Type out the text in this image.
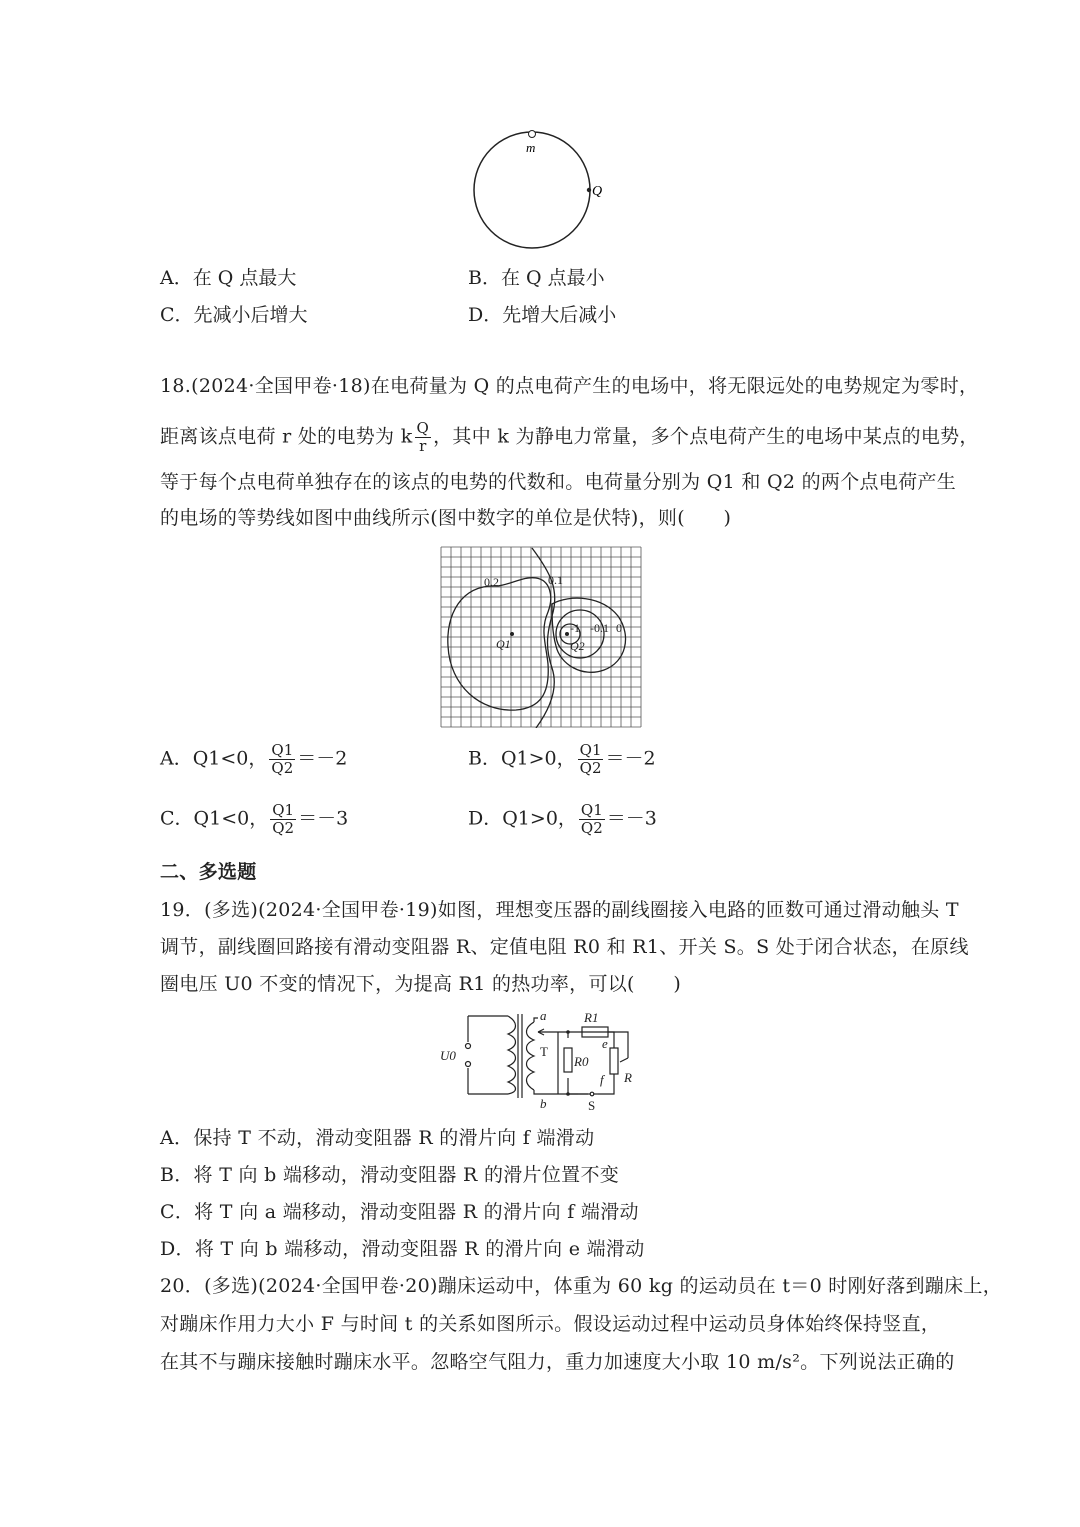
m
Q
A．在 Q 点最大	B．在 Q 点最小
C．先减小后增大	D．先增大后减小
18.(2024·全国甲卷·18)在电荷量为 Q 的点电荷产生的电场中，将无限远处的电势规定为零时，
距离该点电荷 r 处的电势为 k $\frac{Q}{r}$ ，其中 k 为静电力常量，多个点电荷产生的电场中某点的电势，
等于每个点电荷单独存在的该点的电势的代数和。电荷量分别为 Q1 和 Q2 的两个点电荷产生
的电场的等势线如图中曲线所示(图中数字的单位是伏特)，则(　　)
0.2	0.1
-1 -0.1 0
Q1	Q2
A．Q1<0， $\frac{Q1}{Q2} =-2$	B．Q1>0， $\frac{Q1}{Q2} =-2$
C．Q1<0， $\frac{Q1}{Q2} =-3$	D．Q1>0， $\frac{Q1}{Q2} =-3$
二、多选题
19．(多选)(2024·全国甲卷·19)如图，理想变压器的副线圈接入电路的匝数可通过滑动触头 T
调节，副线圈回路接有滑动变阻器 R、定值电阻 R0 和 R1、开关 S。S 处于闭合状态，在原线
圈电压 U0 不变的情况下，为提高 R1 的热功率，可以(　　)
U0
a
b
T
R1
R0
e
f R
S
A．保持 T 不动，滑动变阻器 R 的滑片向 f 端滑动
B．将 T 向 b 端移动，滑动变阻器 R 的滑片位置不变
C．将 T 向 a 端移动，滑动变阻器 R 的滑片向 f 端滑动
D．将 T 向 b 端移动，滑动变阻器 R 的滑片向 e 端滑动
20．(多选)(2024·全国甲卷·20)蹦床运动中，体重为 60 kg 的运动员在 t＝0 时刚好落到蹦床上，
对蹦床作用力大小 F 与时间 t 的关系如图所示。假设运动过程中运动员身体始终保持竖直，
在其不与蹦床接触时蹦床水平。忽略空气阻力，重力加速度大小取 10 m/s²。下列说法正确的
